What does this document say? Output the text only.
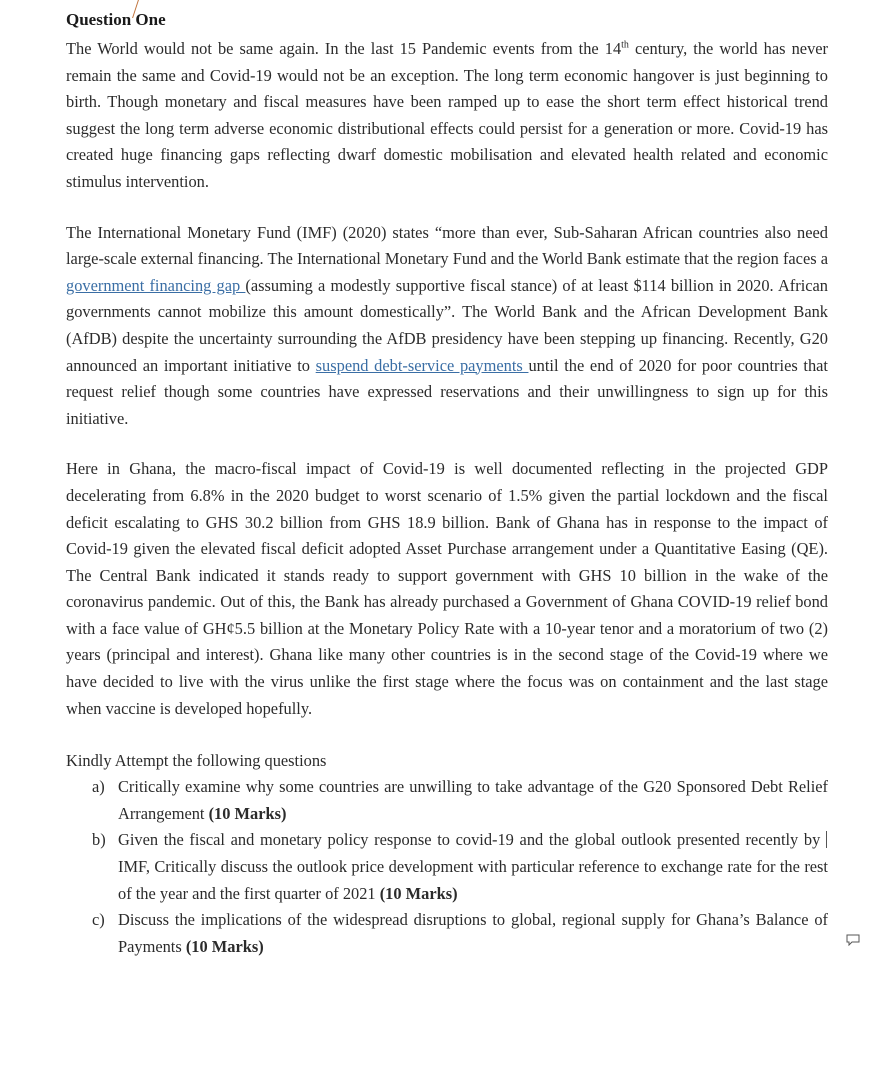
Question One

The World would not be same again. In the last 15 Pandemic events from the 14th century, the world has never remain the same and Covid-19 would not be an exception. The long term economic hangover is just beginning to birth. Though monetary and fiscal measures have been ramped up to ease the short term effect historical trend suggest the long term adverse economic distributional effects could persist for a generation or more. Covid-19 has created huge financing gaps reflecting dwarf domestic mobilisation and elevated health related and economic stimulus intervention.

The International Monetary Fund (IMF) (2020) states “more than ever, Sub-Saharan African countries also need large-scale external financing. The International Monetary Fund and the World Bank estimate that the region faces a government financing gap (assuming a modestly supportive fiscal stance) of at least $114 billion in 2020. African governments cannot mobilize this amount domestically”. The World Bank and the African Development Bank (AfDB) despite the uncertainty surrounding the AfDB presidency have been stepping up financing. Recently, G20 announced an important initiative to suspend debt-service payments until the end of 2020 for poor countries that request relief though some countries have expressed reservations and their unwillingness to sign up for this initiative.

Here in Ghana, the macro-fiscal impact of Covid-19 is well documented reflecting in the projected GDP decelerating from 6.8% in the 2020 budget to worst scenario of 1.5% given the partial lockdown and the fiscal deficit escalating to GHS 30.2 billion from GHS 18.9 billion. Bank of Ghana has in response to the impact of Covid-19 given the elevated fiscal deficit adopted Asset Purchase arrangement under a Quantitative Easing (QE). The Central Bank indicated it stands ready to support government with GHS 10 billion in the wake of the coronavirus pandemic. Out of this, the Bank has already purchased a Government of Ghana COVID-19 relief bond with a face value of GH¢5.5 billion at the Monetary Policy Rate with a 10-year tenor and a moratorium of two (2) years (principal and interest). Ghana like many other countries is in the second stage of the Covid-19 where we have decided to live with the virus unlike the first stage where the focus was on containment and the last stage when vaccine is developed hopefully.

Kindly Attempt the following questions

a) Critically examine why some countries are unwilling to take advantage of the G20 Sponsored Debt Relief Arrangement (10 Marks)
b) Given the fiscal and monetary policy response to covid-19 and the global outlook presented recently by IMF, Critically discuss the outlook price development with particular reference to exchange rate for the rest of the year and the first quarter of 2021 (10 Marks)
c) Discuss the implications of the widespread disruptions to global, regional supply for Ghana’s Balance of Payments (10 Marks)
